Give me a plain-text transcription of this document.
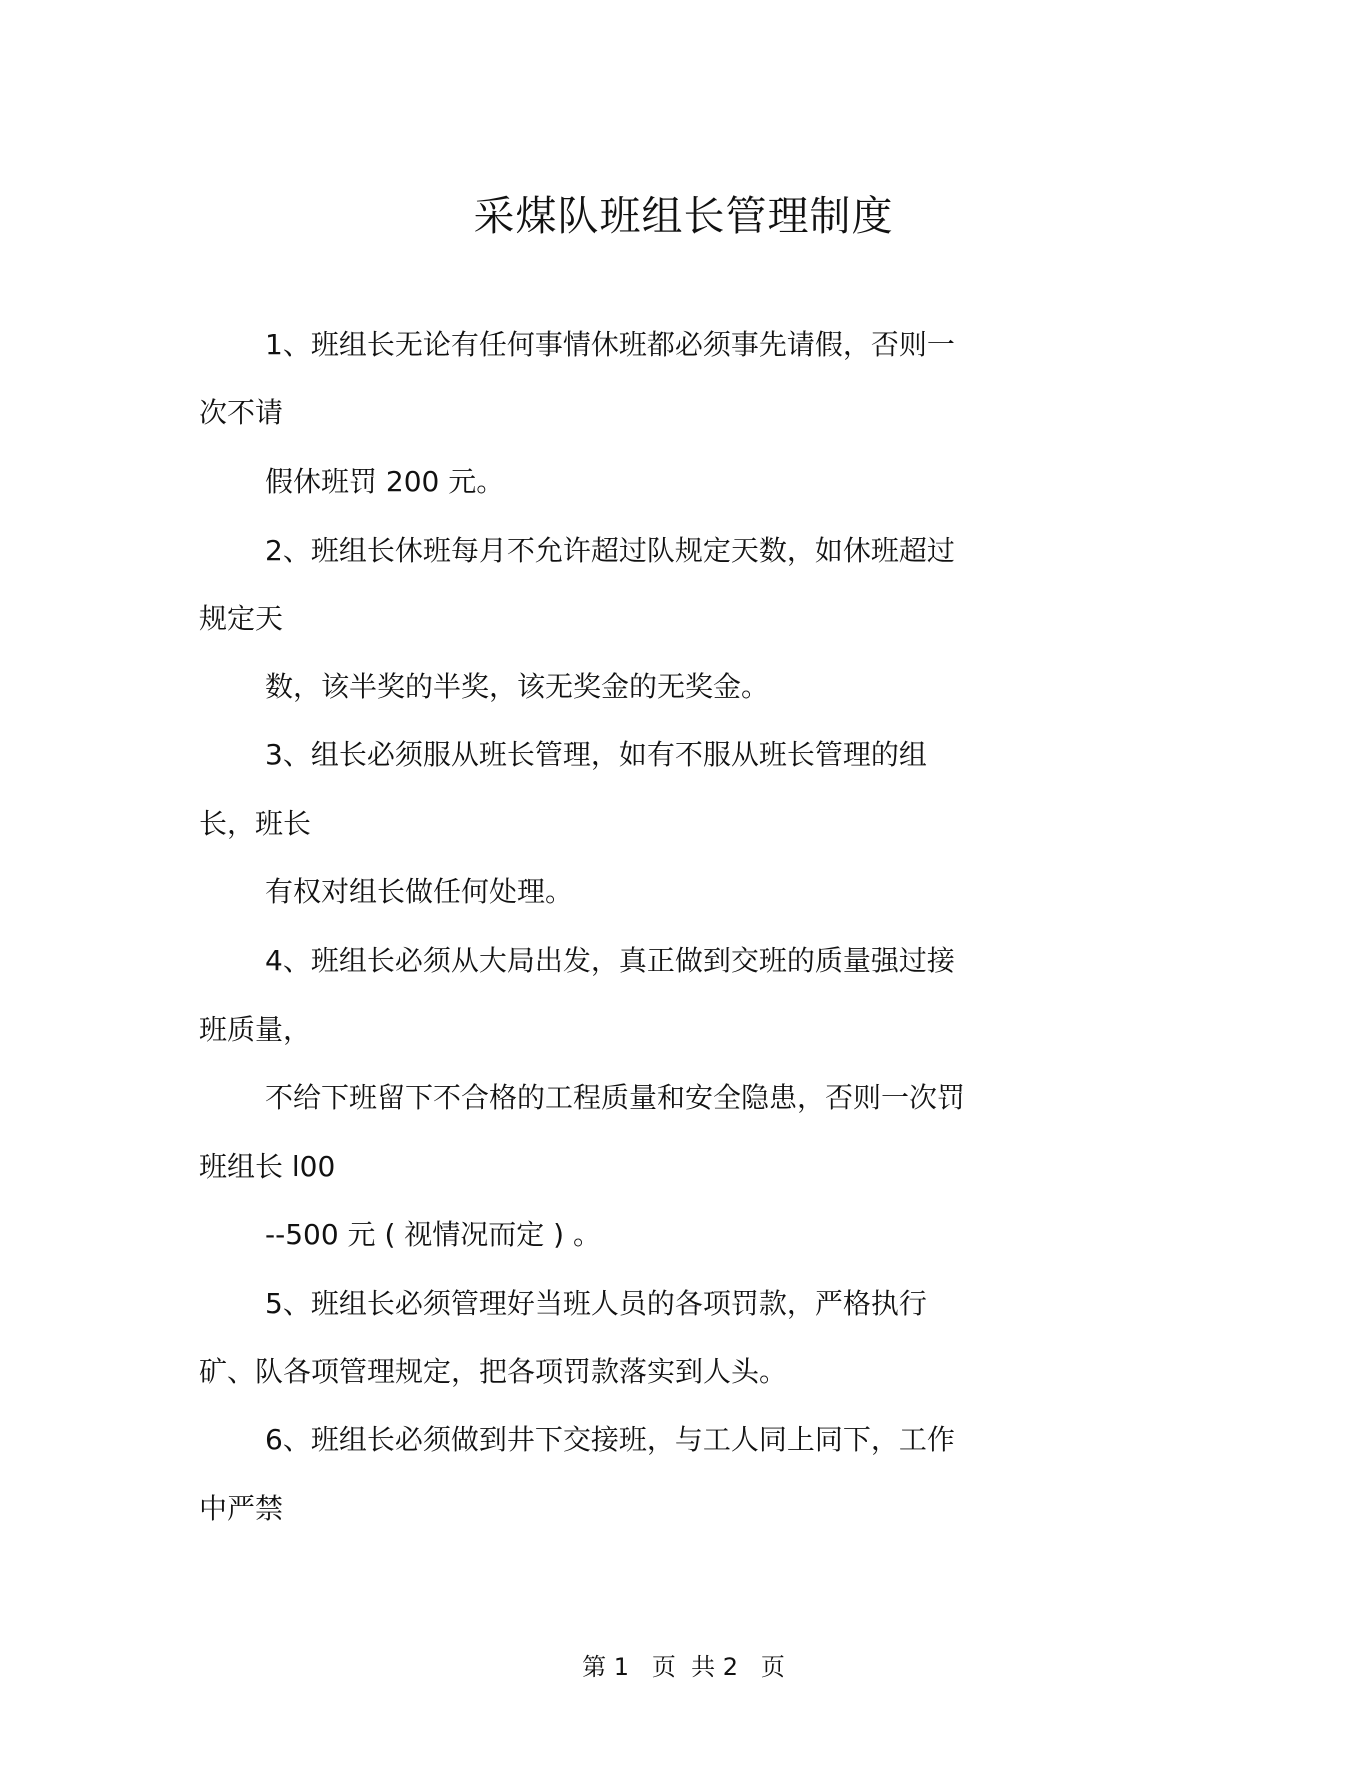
采煤队班组长管理制度
1、班组长无论有任何事情休班都必须事先请假，否则一
次不请
假休班罚 200 元。
2、班组长休班每月不允许超过队规定天数，如休班超过
规定天
数，该半奖的半奖，该无奖金的无奖金。
3、组长必须服从班长管理，如有不服从班长管理的组
长，班长
有权对组长做任何处理。
4、班组长必须从大局出发，真正做到交班的质量强过接
班质量，
不给下班留下不合格的工程质量和安全隐患，否则一次罚
班组长 l00
--500 元 ( 视情况而定 ) 。
5、班组长必须管理好当班人员的各项罚款，严格执行
矿、队各项管理规定，把各项罚款落实到人头。
6、班组长必须做到井下交接班，与工人同上同下，工作
中严禁
第 1   页  共 2   页
